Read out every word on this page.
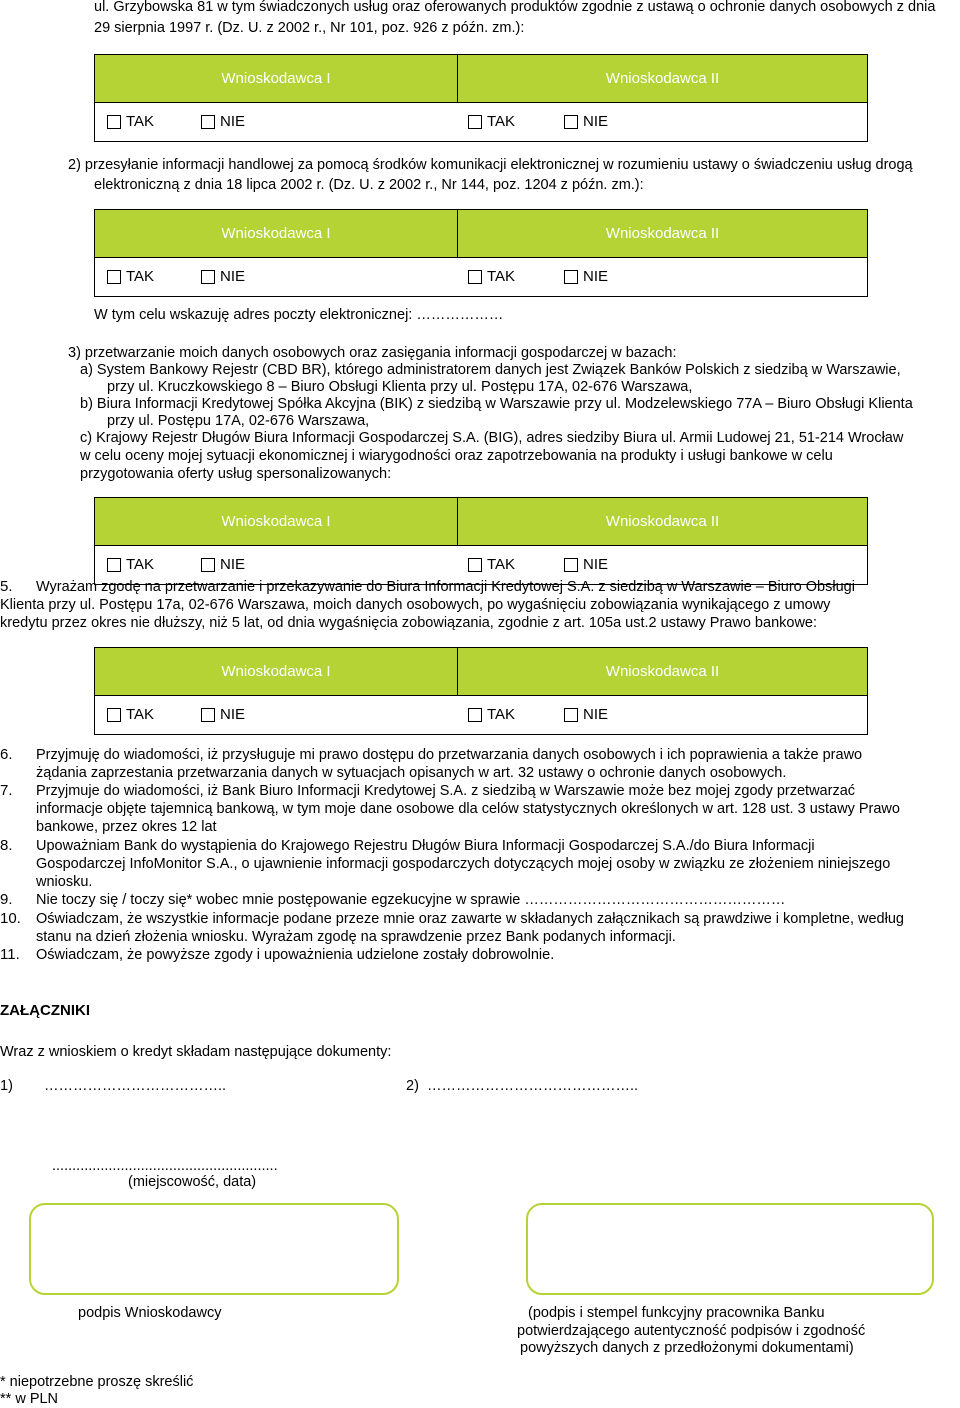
ul. Grzybowska 81 w tym świadczonych usług oraz oferowanych produktów zgodnie z ustawą o ochronie danych osobowych z dnia
29 sierpnia 1997 r. (Dz. U. z 2002 r., Nr 101, poz. 926 z późn. zm.):
Wnioskodawca I	Wnioskodawca II
TAK	NIE	TAK	NIE
2) przesyłanie informacji handlowej za pomocą środków komunikacji elektronicznej w rozumieniu ustawy o świadczeniu usług drogą
elektroniczną z dnia 18 lipca 2002 r. (Dz. U. z 2002 r., Nr 144, poz. 1204 z późn. zm.):
Wnioskodawca I	Wnioskodawca II
TAK	NIE	TAK	NIE
W tym celu wskazuję adres poczty elektronicznej: ………………
3) przetwarzanie moich danych osobowych oraz zasięgania informacji gospodarczej w bazach:
a) System Bankowy Rejestr (CBD BR), którego administratorem danych jest Związek Banków Polskich z siedzibą w Warszawie,
przy ul. Kruczkowskiego 8 – Biuro Obsługi Klienta przy ul. Postępu 17A, 02-676 Warszawa,
b) Biura Informacji Kredytowej Spółka Akcyjna (BIK) z siedzibą w Warszawie przy ul. Modzelewskiego 77A – Biuro Obsługi Klienta
przy ul. Postępu 17A, 02-676 Warszawa,
c) Krajowy Rejestr Długów Biura Informacji Gospodarczej S.A. (BIG), adres siedziby Biura ul. Armii Ludowej 21, 51-214 Wrocław
w celu oceny mojej sytuacji ekonomicznej i wiarygodności oraz zapotrzebowania na produkty i usługi bankowe w celu
przygotowania oferty usług spersonalizowanych:
Wnioskodawca I	Wnioskodawca II
TAK	NIE	TAK	NIE
5. Wyrażam zgodę na przetwarzanie i przekazywanie do Biura Informacji Kredytowej S.A. z siedzibą w Warszawie – Biuro Obsługi
Klienta przy ul. Postępu 17a, 02-676 Warszawa, moich danych osobowych, po wygaśnięciu zobowiązania wynikającego z umowy
kredytu przez okres nie dłuższy, niż 5 lat, od dnia wygaśnięcia zobowiązania, zgodnie z art. 105a ust.2 ustawy Prawo bankowe:
Wnioskodawca I	Wnioskodawca II
TAK	NIE	TAK	NIE
6. Przyjmuję do wiadomości, iż przysługuje mi prawo dostępu do przetwarzania danych osobowych i ich poprawienia a także prawo
żądania zaprzestania przetwarzania danych w sytuacjach opisanych w art. 32 ustawy o ochronie danych osobowych.
7. Przyjmuje do wiadomości, iż Bank Biuro Informacji Kredytowej S.A. z siedzibą w Warszawie może bez mojej zgody przetwarzać
informacje objęte tajemnicą bankową, w tym moje dane osobowe dla celów statystycznych określonych w art. 128 ust. 3 ustawy Prawo
bankowe, przez okres 12 lat
8. Upoważniam Bank do wystąpienia do Krajowego Rejestru Długów Biura Informacji Gospodarczej S.A./do Biura Informacji
Gospodarczej InfoMonitor S.A., o ujawnienie informacji gospodarczych dotyczących mojej osoby w związku ze złożeniem niniejszego
wniosku.
9. Nie toczy się / toczy się* wobec mnie postępowanie egzekucyjne w sprawie ………………………………………………
10. Oświadczam, że wszystkie informacje podane przeze mnie oraz zawarte w składanych załącznikach są prawdziwe i kompletne, według
stanu na dzień złożenia wniosku. Wyrażam zgodę na sprawdzenie przez Bank podanych informacji.
11. Oświadczam, że powyższe zgody i upoważnienia udzielone zostały dobrowolnie.
ZAŁĄCZNIKI
Wraz z wnioskiem o kredyt składam następujące dokumenty:
1) ………………………………..	2) ……………………………………..
........................................................
(miejscowość, data)
podpis Wnioskodawcy	(podpis i stempel funkcyjny pracownika Banku
potwierdzającego autentyczność podpisów i zgodność
powyższych danych z przedłożonymi dokumentami)
* niepotrzebne proszę skreślić
** w PLN
